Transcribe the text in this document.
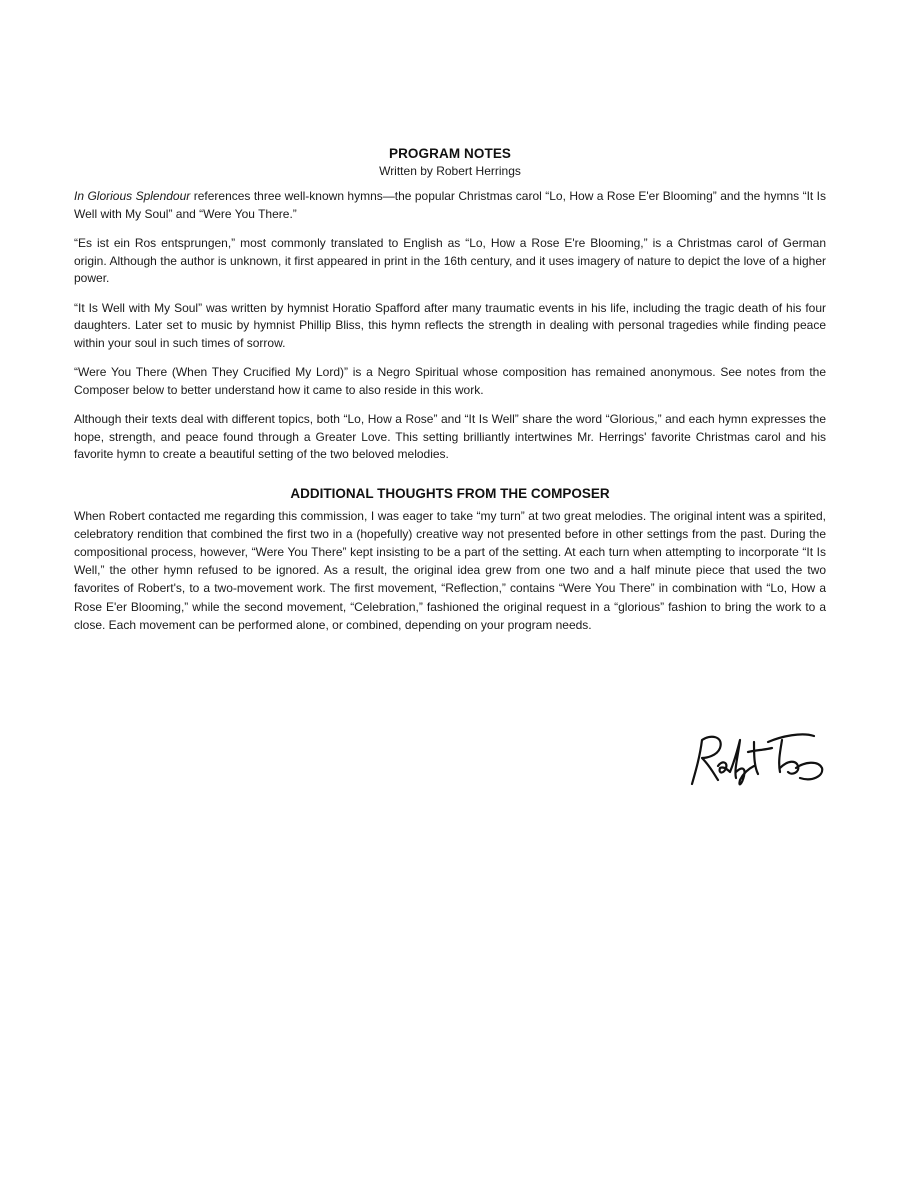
PROGRAM NOTES
Written by Robert Herrings

In Glorious Splendour references three well-known hymns—the popular Christmas carol “Lo, How a Rose E'er Blooming” and the hymns “It Is Well with My Soul” and “Were You There.”

“Es ist ein Ros entsprungen,” most commonly translated to English as “Lo, How a Rose E're Blooming,” is a Christmas carol of German origin. Although the author is unknown, it first appeared in print in the 16th century, and it uses imagery of nature to depict the love of a higher power.

“It Is Well with My Soul” was written by hymnist Horatio Spafford after many traumatic events in his life, including the tragic death of his four daughters. Later set to music by hymnist Phillip Bliss, this hymn reflects the strength in dealing with personal tragedies while finding peace within your soul in such times of sorrow.

“Were You There (When They Crucified My Lord)” is a Negro Spiritual whose composition has remained anonymous. See notes from the Composer below to better understand how it came to also reside in this work.

Although their texts deal with different topics, both “Lo, How a Rose” and “It Is Well” share the word “Glorious,” and each hymn expresses the hope, strength, and peace found through a Greater Love. This setting brilliantly intertwines Mr. Herrings' favorite Christmas carol and his favorite hymn to create a beautiful setting of the two beloved melodies.

ADDITIONAL THOUGHTS FROM THE COMPOSER

When Robert contacted me regarding this commission, I was eager to take “my turn” at two great melodies. The original intent was a spirited, celebratory rendition that combined the first two in a (hopefully) creative way not presented before in other settings from the past. During the compositional process, however, “Were You There” kept insisting to be a part of the setting. At each turn when attempting to incorporate “It Is Well,” the other hymn refused to be ignored. As a result, the original idea grew from one two and a half minute piece that used the two favorites of Robert's, to a two-movement work. The first movement, “Reflection,” contains “Were You There” in combination with “Lo, How a Rose E'er Blooming,” while the second movement, “Celebration,” fashioned the original request in a “glorious” fashion to bring the work to a close. Each movement can be performed alone, or combined, depending on your program needs.
